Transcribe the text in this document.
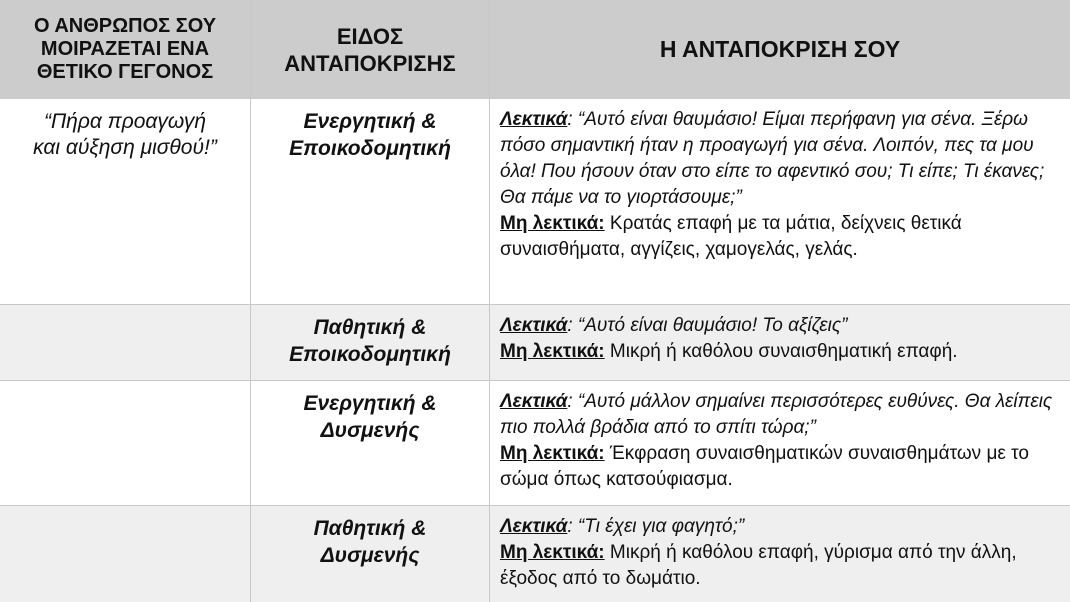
Ο ΑΝΘΡΩΠΟΣ ΣΟΥ
ΜΟΙΡΑΖΕΤΑΙ ΕΝΑ
ΘΕΤΙΚΟ ΓΕΓΟΝΟΣ
ΕΙΔΟΣ
ΑΝΤΑΠΟΚΡΙΣΗΣ
Η ΑΝΤΑΠΟΚΡΙΣΗ ΣΟΥ
“Πήρα προαγωγή
και αύξηση μισθού!”
Ενεργητική &
Εποικοδομητική
Λεκτικά: “Αυτό είναι θαυμάσιο! Είμαι περήφανη για σένα. Ξέρω πόσο σημαντική ήταν η προαγωγή για σένα. Λοιπόν, πες τα μου όλα! Που ήσουν όταν στο είπε το αφεντικό σου; Τι είπε; Τι έκανες; Θα πάμε να το γιορτάσουμε;”
Μη λεκτικά: Κρατάς επαφή με τα μάτια, δείχνεις θετικά συναισθήματα, αγγίζεις, χαμογελάς, γελάς.
Παθητική &
Εποικοδομητική
Λεκτικά: “Αυτό είναι θαυμάσιο! Το αξίζεις”
Μη λεκτικά: Μικρή ή καθόλου συναισθηματική επαφή.
Ενεργητική &
Δυσμενής
Λεκτικά: “Αυτό μάλλον σημαίνει περισσότερες ευθύνες. Θα λείπεις πιο πολλά βράδια από το σπίτι τώρα;”
Μη λεκτικά: Έκφραση συναισθηματικών συναισθημάτων με το σώμα όπως κατσούφιασμα.
Παθητική &
Δυσμενής
Λεκτικά: “Τι έχει για φαγητό;”
Μη λεκτικά: Μικρή ή καθόλου επαφή, γύρισμα από την άλλη, έξοδος από το δωμάτιο.
